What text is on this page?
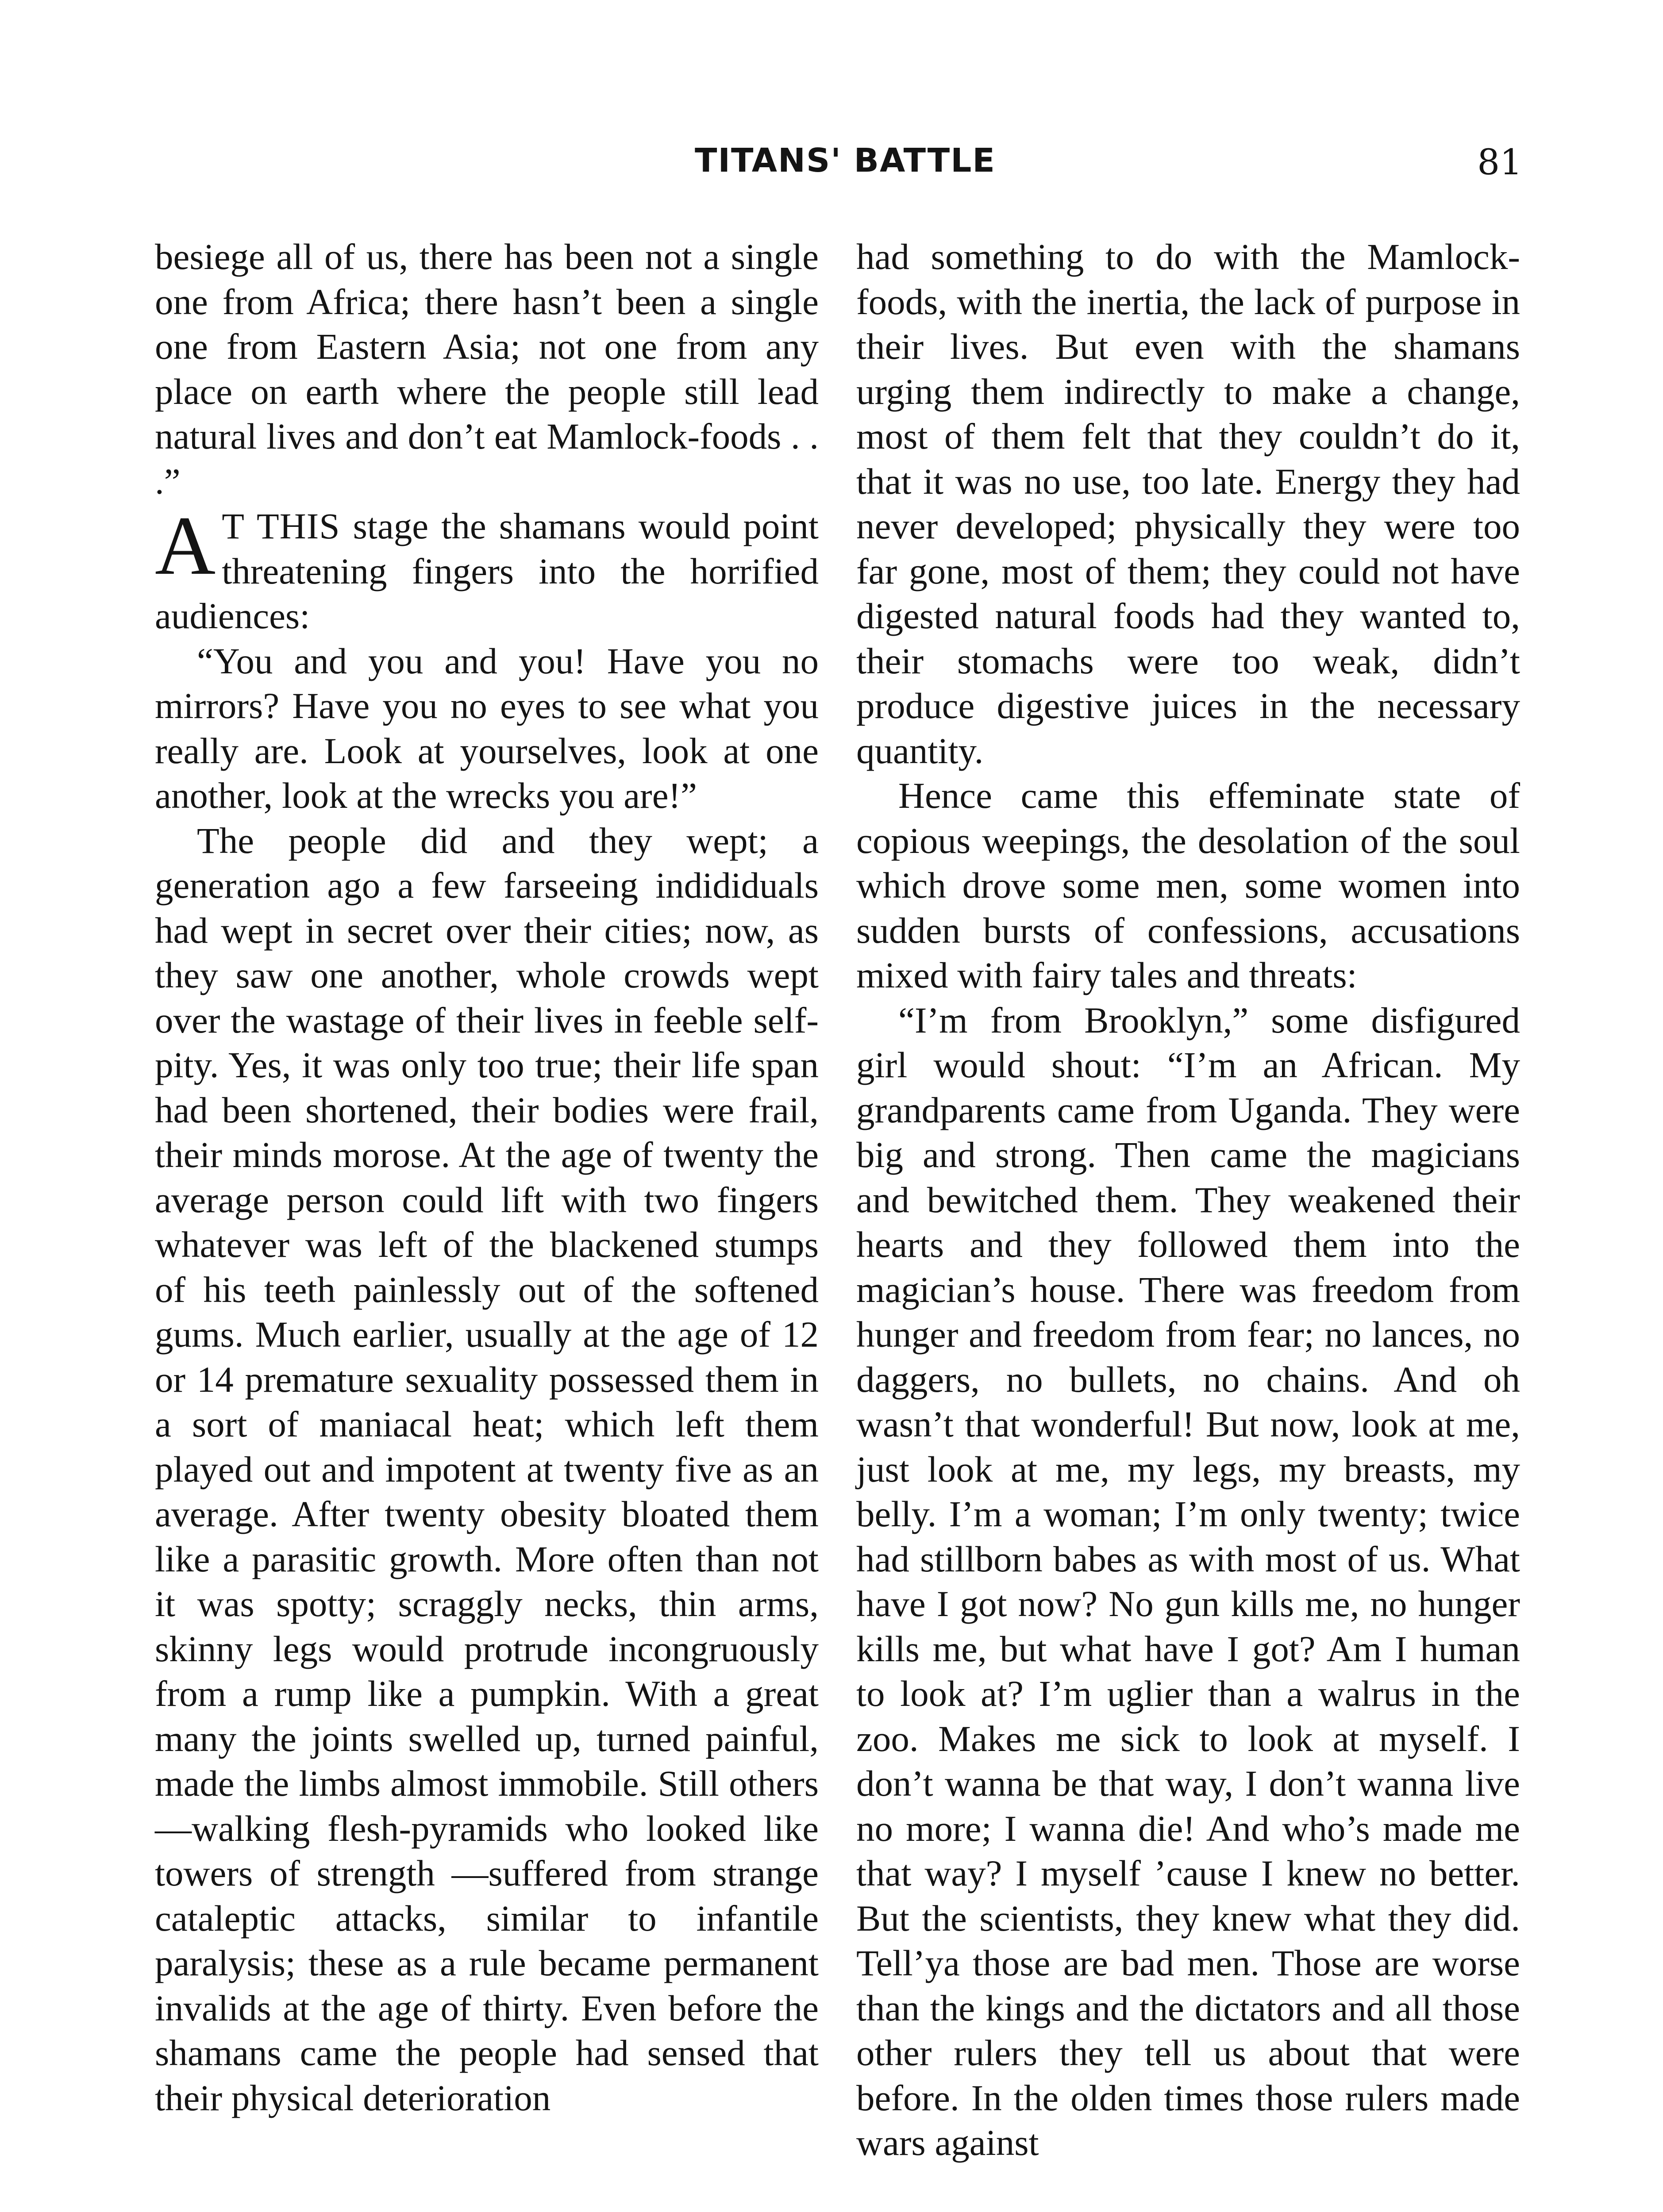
TITANS' BATTLE	81

besiege all of us, there has been not a single one from Africa; there hasn’t been a single one from Eastern Asia; not one from any place on earth where the people still lead natural lives and don’t eat Mamlock-foods . . .”

A T THIS stage the shamans would point threatening fingers into the horrified audiences:

“You and you and you! Have you no mirrors? Have you no eyes to see what you really are. Look at yourselves, look at one another, look at the wrecks you are!”

The people did and they wept; a generation ago a few farseeing indididuals had wept in secret over their cities; now, as they saw one another, whole crowds wept over the wastage of their lives in feeble self-pity. Yes, it was only too true; their life span had been shortened, their bodies were frail, their minds morose. At the age of twenty the average person could lift with two fingers whatever was left of the blackened stumps of his teeth painlessly out of the softened gums. Much earlier, usually at the age of 12 or 14 premature sexuality possessed them in a sort of maniacal heat; which left them played out and impotent at twenty five as an average. After twenty obesity bloated them like a parasitic growth. More often than not it was spotty; scraggly necks, thin arms, skinny legs would protrude incongruously from a rump like a pumpkin. With a great many the joints swelled up, turned painful, made the limbs almost immobile. Still others—walking flesh-pyramids who looked like towers of strength —suffered from strange cataleptic attacks, similar to infantile paralysis; these as a rule became permanent invalids at the age of thirty. Even before the shamans came the people had sensed that their physical deterioration

had something to do with the Mamlock-foods, with the inertia, the lack of purpose in their lives. But even with the shamans urging them indirectly to make a change, most of them felt that they couldn’t do it, that it was no use, too late. Energy they had never developed; physically they were too far gone, most of them; they could not have digested natural foods had they wanted to, their stomachs were too weak, didn’t produce digestive juices in the necessary quantity.

Hence came this effeminate state of copious weepings, the desolation of the soul which drove some men, some women into sudden bursts of confessions, accusations mixed with fairy tales and threats:

“I’m from Brooklyn,” some disfigured girl would shout: “I’m an African. My grandparents came from Uganda. They were big and strong. Then came the magicians and bewitched them. They weakened their hearts and they followed them into the magician’s house. There was freedom from hunger and freedom from fear; no lances, no daggers, no bullets, no chains. And oh wasn’t that wonderful! But now, look at me, just look at me, my legs, my breasts, my belly. I’m a woman; I’m only twenty; twice had stillborn babes as with most of us. What have I got now? No gun kills me, no hunger kills me, but what have I got? Am I human to look at? I’m uglier than a walrus in the zoo. Makes me sick to look at myself. I don’t wanna be that way, I don’t wanna live no more; I wanna die! And who’s made me that way? I myself ’cause I knew no better. But the scientists, they knew what they did. Tell’ya those are bad men. Those are worse than the kings and the dictators and all those other rulers they tell us about that were before. In the olden times those rulers made wars against
